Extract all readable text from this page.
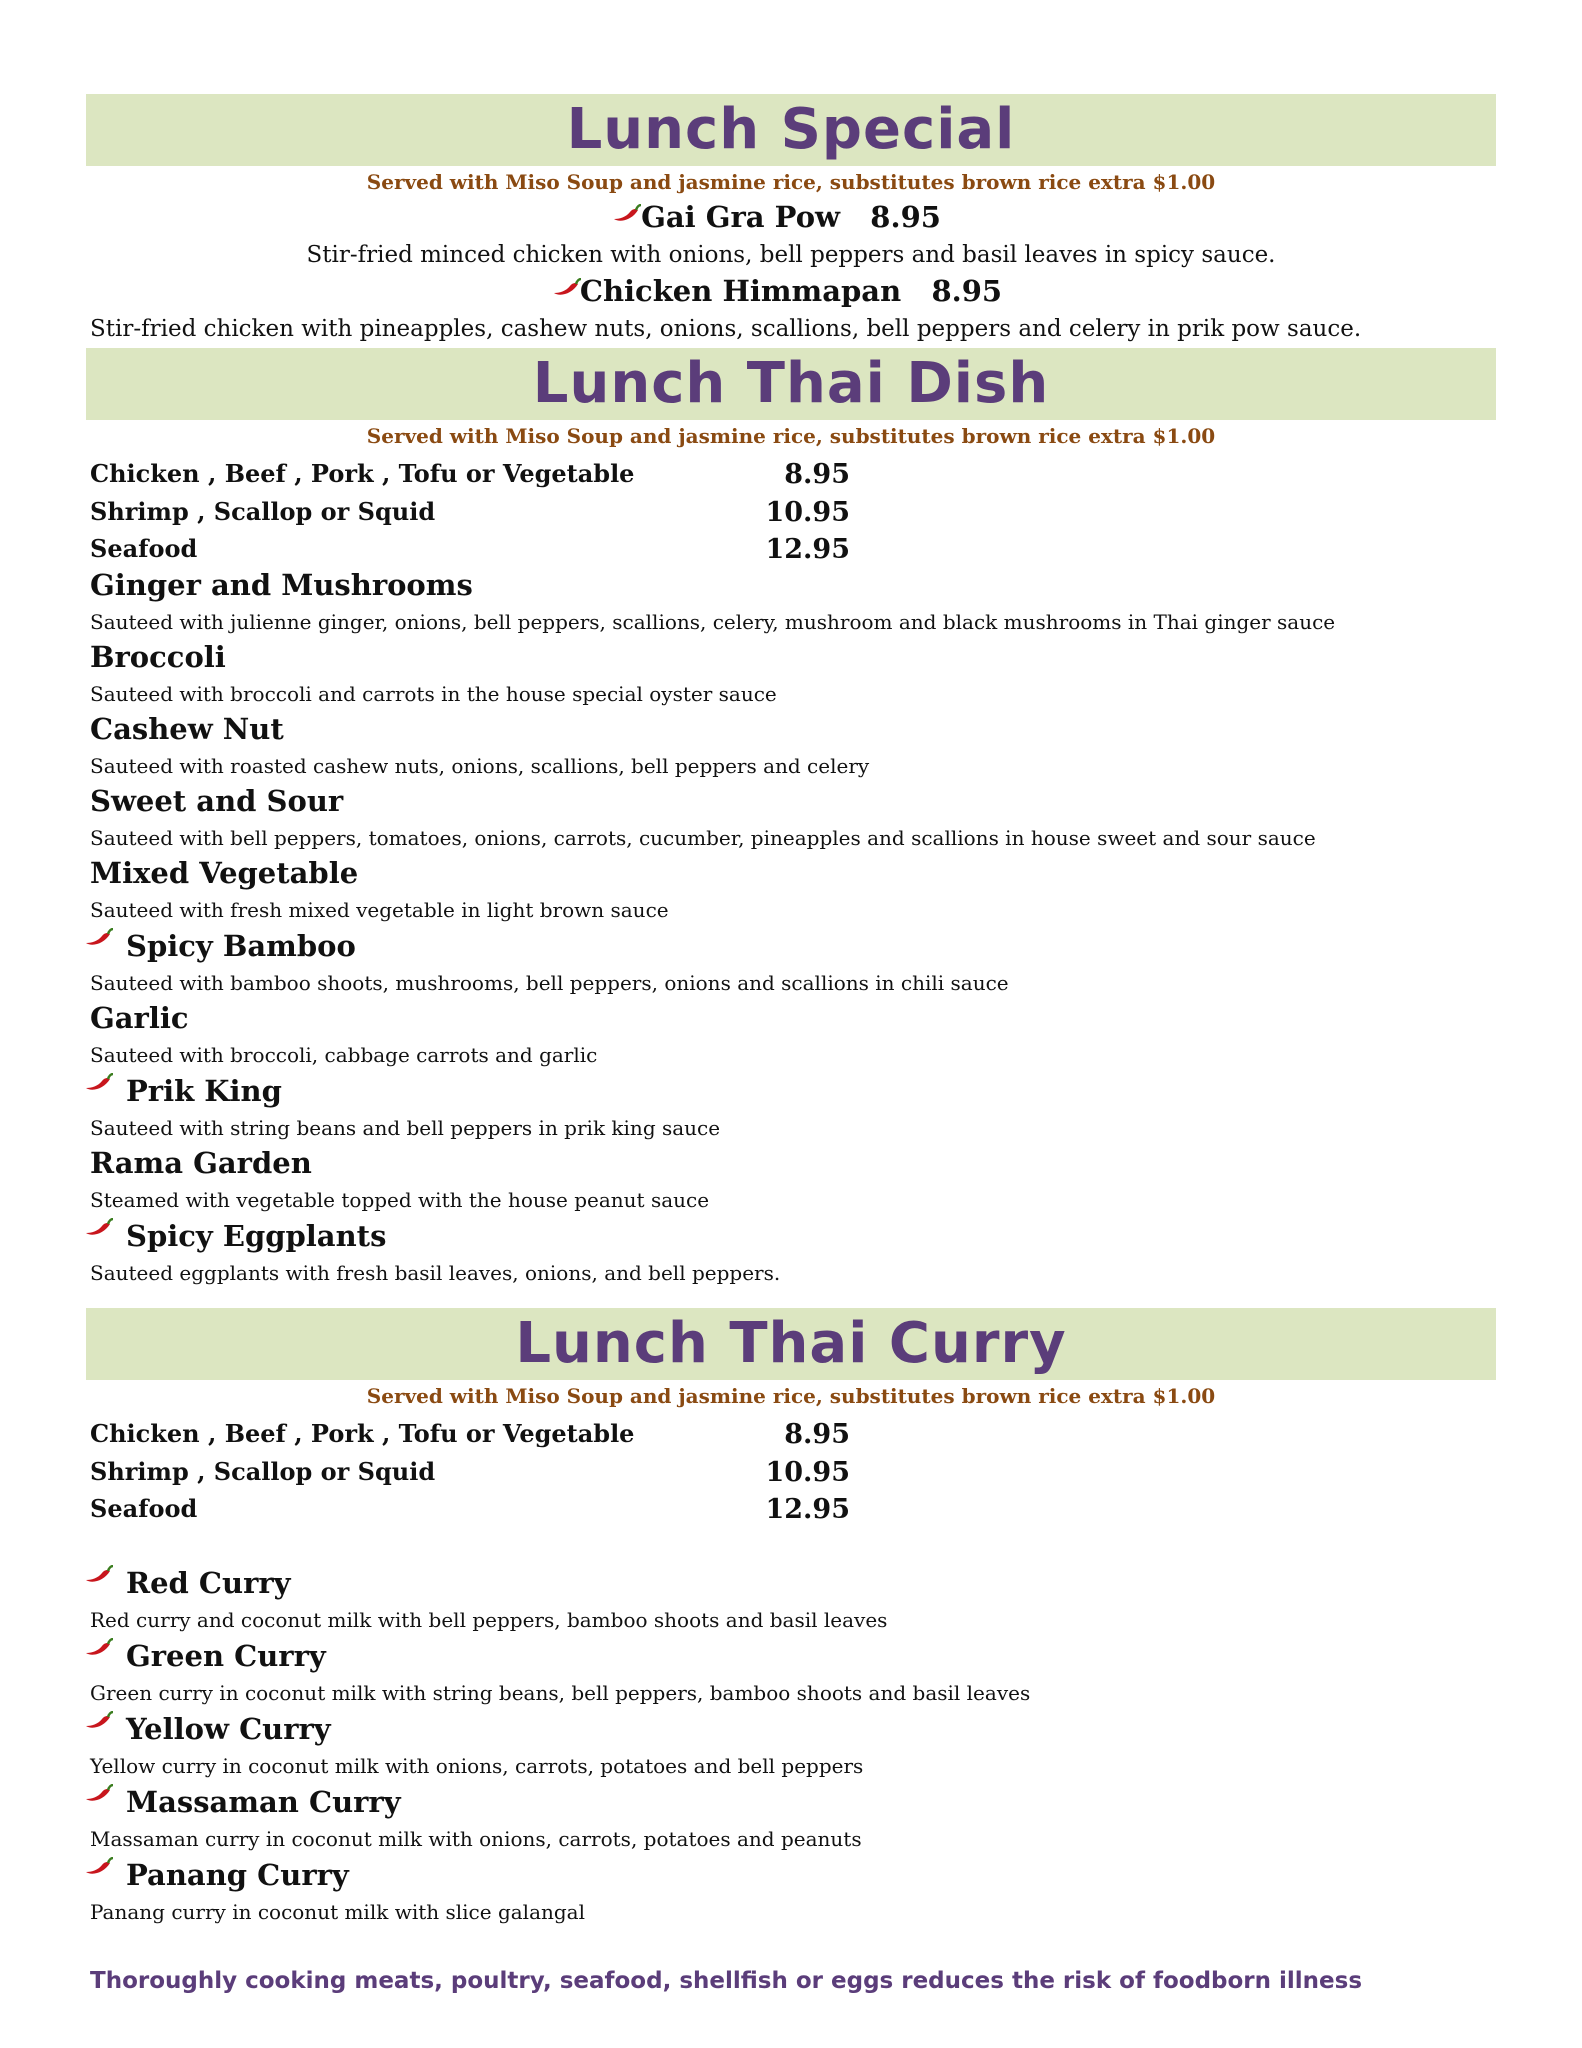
Lunch Special
Served with Miso Soup and jasmine rice, substitutes brown rice extra $1.00
Gai Gra Pow 8.95
Stir-fried minced chicken with onions, bell peppers and basil leaves in spicy sauce.
Chicken Himmapan 8.95
Stir-fried chicken with pineapples, cashew nuts, onions, scallions, bell peppers and celery in prik pow sauce.
Lunch Thai Dish
Served with Miso Soup and jasmine rice, substitutes brown rice extra $1.00
Chicken , Beef , Pork , Tofu or Vegetable	8.95
Shrimp , Scallop or Squid	10.95
Seafood	12.95
Ginger and Mushrooms
Sauteed with julienne ginger, onions, bell peppers, scallions, celery, mushroom and black mushrooms in Thai ginger sauce
Broccoli
Sauteed with broccoli and carrots in the house special oyster sauce
Cashew Nut
Sauteed with roasted cashew nuts, onions, scallions, bell peppers and celery
Sweet and Sour
Sauteed with bell peppers, tomatoes, onions, carrots, cucumber, pineapples and scallions in house sweet and sour sauce
Mixed Vegetable
Sauteed with fresh mixed vegetable in light brown sauce
Spicy Bamboo
Sauteed with bamboo shoots, mushrooms, bell peppers, onions and scallions in chili sauce
Garlic
Sauteed with broccoli, cabbage carrots and garlic
Prik King
Sauteed with string beans and bell peppers in prik king sauce
Rama Garden
Steamed with vegetable topped with the house peanut sauce
Spicy Eggplants
Sauteed eggplants with fresh basil leaves, onions, and bell peppers.
Lunch Thai Curry
Served with Miso Soup and jasmine rice, substitutes brown rice extra $1.00
Chicken , Beef , Pork , Tofu or Vegetable	8.95
Shrimp , Scallop or Squid	10.95
Seafood	12.95
Red Curry
Red curry and coconut milk with bell peppers, bamboo shoots and basil leaves
Green Curry
Green curry in coconut milk with string beans, bell peppers, bamboo shoots and basil leaves
Yellow Curry
Yellow curry in coconut milk with onions, carrots, potatoes and bell peppers
Massaman Curry
Massaman curry in coconut milk with onions, carrots, potatoes and peanuts
Panang Curry
Panang curry in coconut milk with slice galangal
Thoroughly cooking meats, poultry, seafood, shellfish or eggs reduces the risk of foodborn illness
